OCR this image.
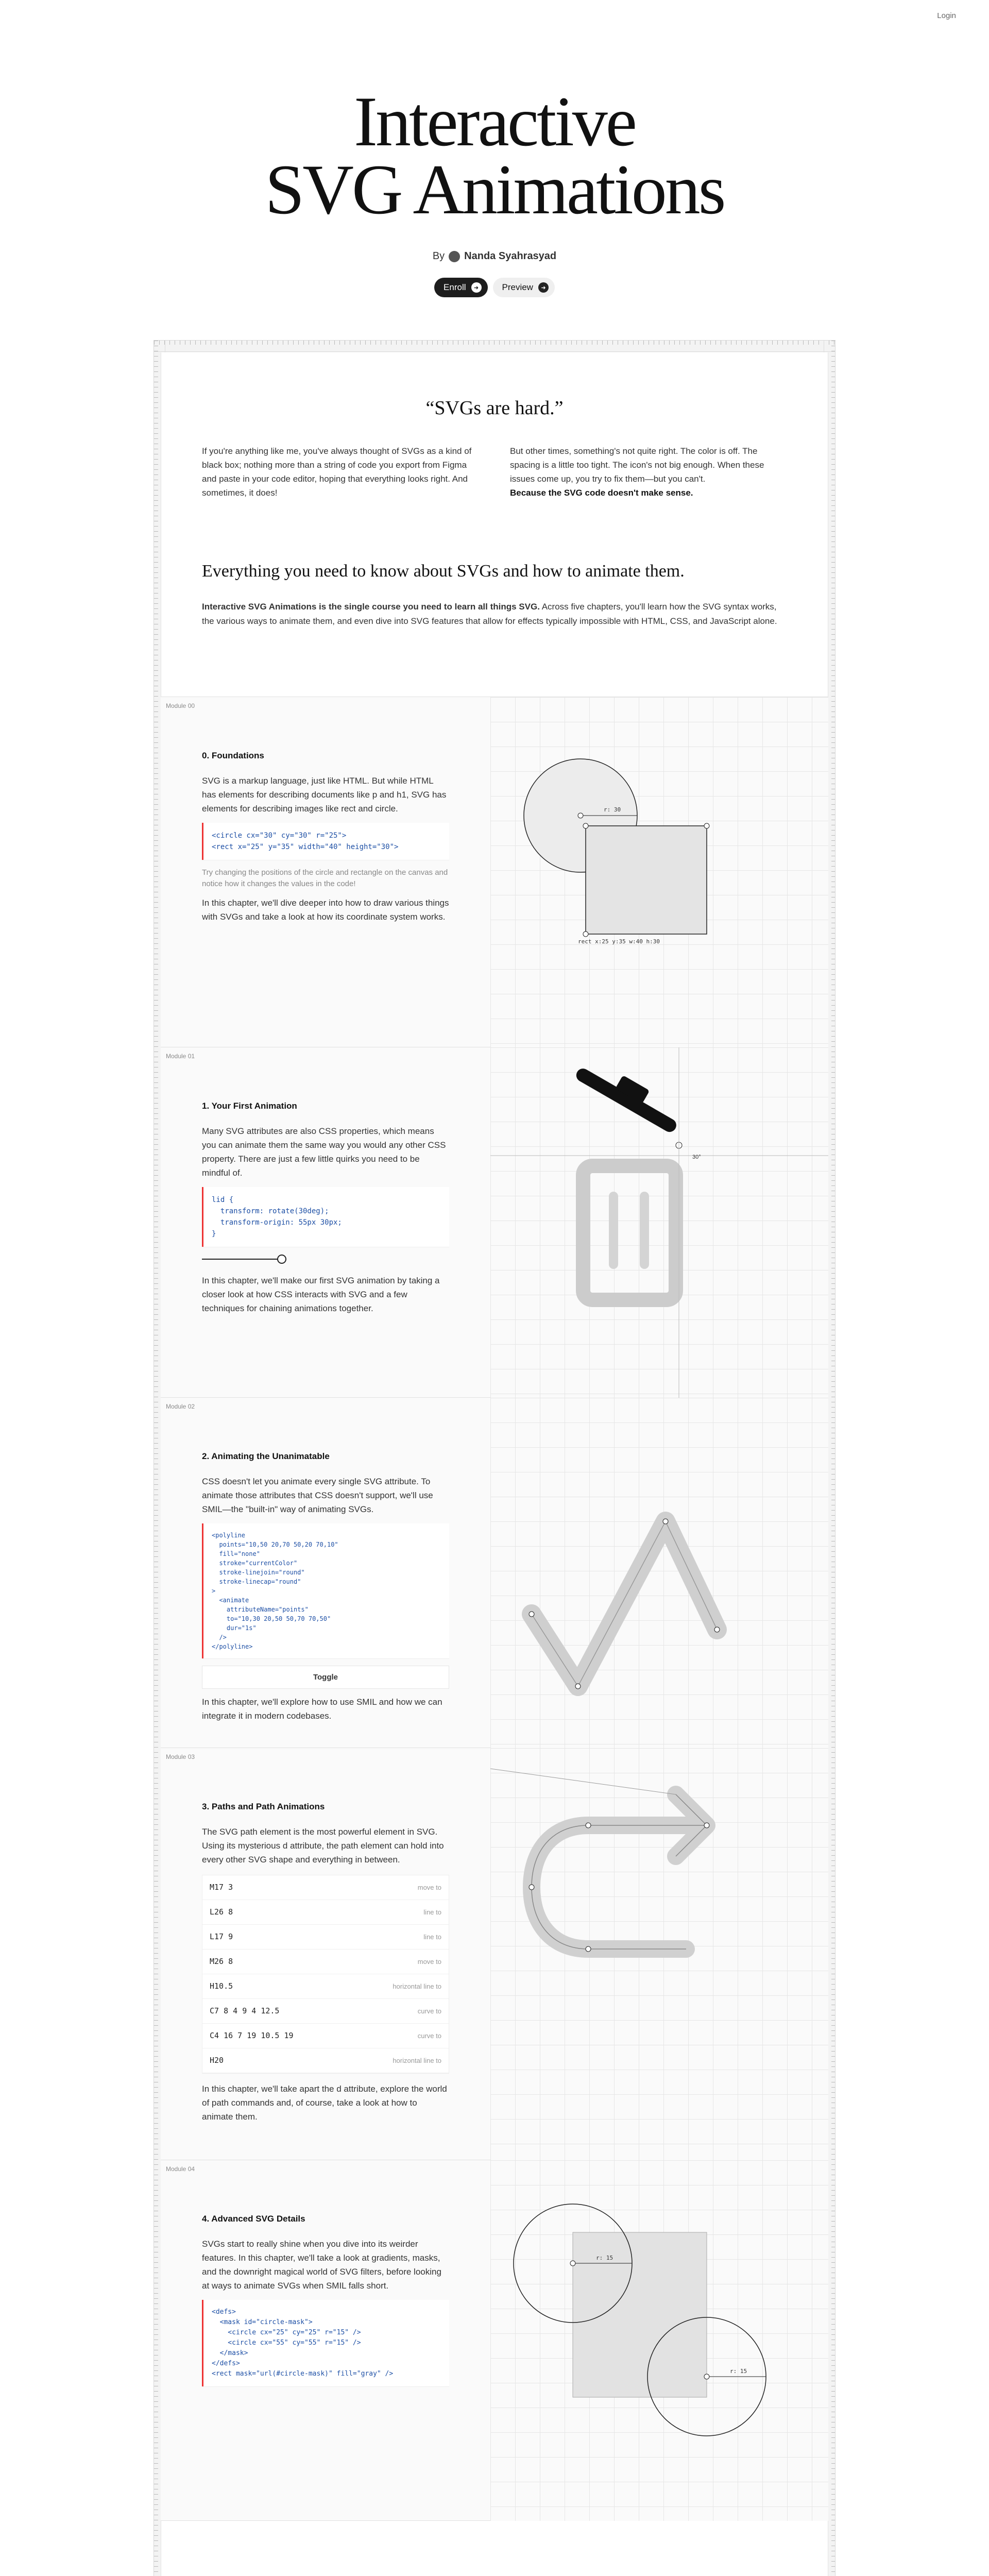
Login
Interactive
SVG Animations
By Nanda Syahrasyad
Enroll	➜	Preview	➜
“SVGs are hard.”

If you're anything like me, you've always thought of SVGs as a kind of black box; nothing more than a string of code you export from Figma and paste in your code editor, hoping that everything looks right. And sometimes, it does!

But other times, something's not quite right. The color is off. The spacing is a little too tight. The icon's not big enough. When these issues come up, you try to fix them—but you can't.
Because the SVG code doesn't make sense.

Everything you need to know about SVGs and how to animate them.
Interactive SVG Animations is the single course you need to learn all things SVG. Across five chapters, you'll learn how the SVG syntax works, the various ways to animate them, and even dive into SVG features that allow for effects typically impossible with HTML, CSS, and JavaScript alone.
Module 00
0. Foundations

SVG is a markup language, just like HTML. But while HTML has elements for describing documents like p and h1, SVG has elements for describing images like rect and circle.

<circle cx="30" cy="30" r="25">
<rect x="25" y="35" width="40" height="30">

Try changing the positions of the circle and rectangle on the canvas and notice how it changes the values in the code!

In this chapter, we'll dive deeper into how to draw various things with SVGs and take a look at how its coordinate system works.

r: 30
rect x:25 y:35 w:40 h:30
Module 01
1. Your First Animation

Many SVG attributes are also CSS properties, which means you can animate them the same way you would any other CSS property. There are just a few little quirks you need to be mindful of.

lid {
transform: rotate(30deg);
transform-origin: 55px 30px;
}

In this chapter, we'll make our first SVG animation by taking a closer look at how CSS interacts with SVG and a few techniques for chaining animations together.

30°
Module 02
2. Animating the Unanimatable

CSS doesn't let you animate every single SVG attribute. To animate those attributes that CSS doesn't support, we'll use SMIL—the "built-in" way of animating SVGs.

<polyline
points="10,50 20,70 50,20 70,10"
fill="none"
stroke="currentColor"
stroke-linejoin="round"
stroke-linecap="round"
>
<animate
attributeName="points"
to="10,30 20,50 50,70 70,50"
dur="1s"
/>
</polyline>
Toggle

In this chapter, we'll explore how to use SMIL and how we can integrate it in modern codebases.

Module 03
3. Paths and Path Animations

The SVG path element is the most powerful element in SVG. Using its mysterious d attribute, the path element can hold into every other SVG shape and everything in between.

M17 3	move to
L26 8	line to
L17 9	line to
M26 8	move to
H10.5	horizontal line to
C7 8 4 9 4 12.5	curve to
C4 16 7 19 10.5 19	curve to
H20	horizontal line to

In this chapter, we'll take apart the d attribute, explore the world of path commands and, of course, take a look at how to animate them.

Module 04
4. Advanced SVG Details

SVGs start to really shine when you dive into its weirder features. In this chapter, we'll take a look at gradients, masks, and the downright magical world of SVG filters, before looking at ways to animate SVGs when SMIL falls short.

<defs>
<mask id="circle-mask">
<circle cx="25" cy="25" r="15" />
<circle cx="55" cy="55" r="15" />
</mask>
</defs>
<rect mask="url(#circle-mask)" fill="gray" />
r: 15
r: 15
